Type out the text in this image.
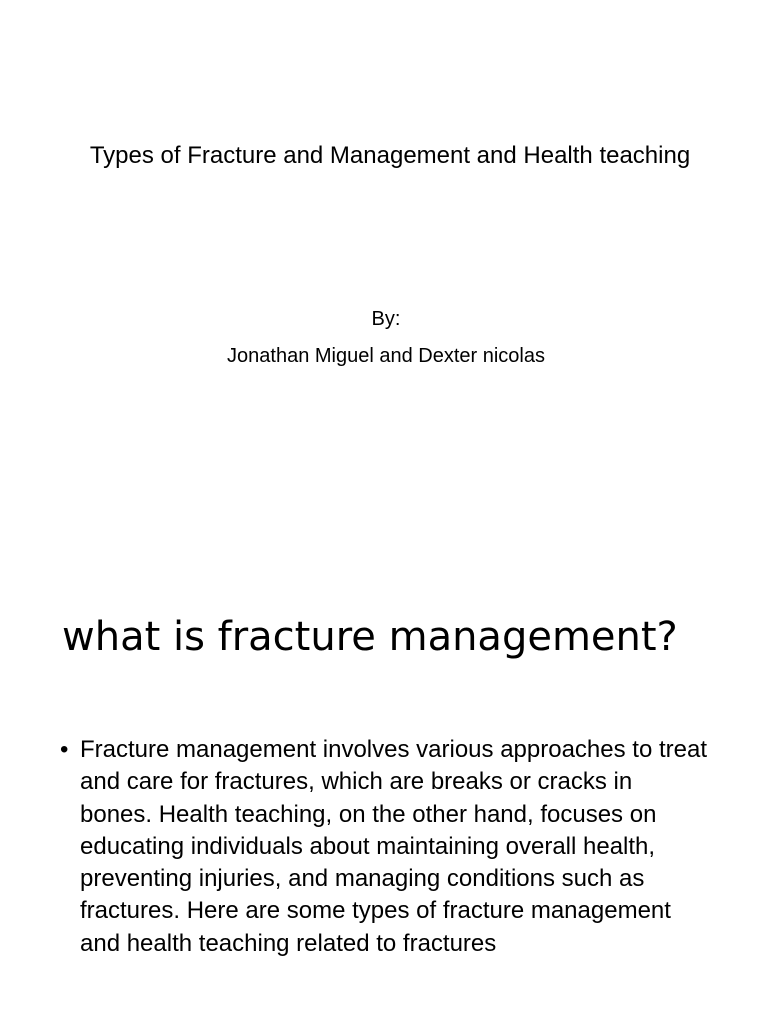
Types of Fracture and Management and Health teaching

By:

Jonathan Miguel and Dexter nicolas

what is fracture management?
• Fracture management involves various approaches to treat and care for fractures, which are breaks or cracks in bones. Health teaching, on the other hand, focuses on educating individuals about maintaining overall health, preventing injuries, and managing conditions such as fractures. Here are some types of fracture management and health teaching related to fractures
